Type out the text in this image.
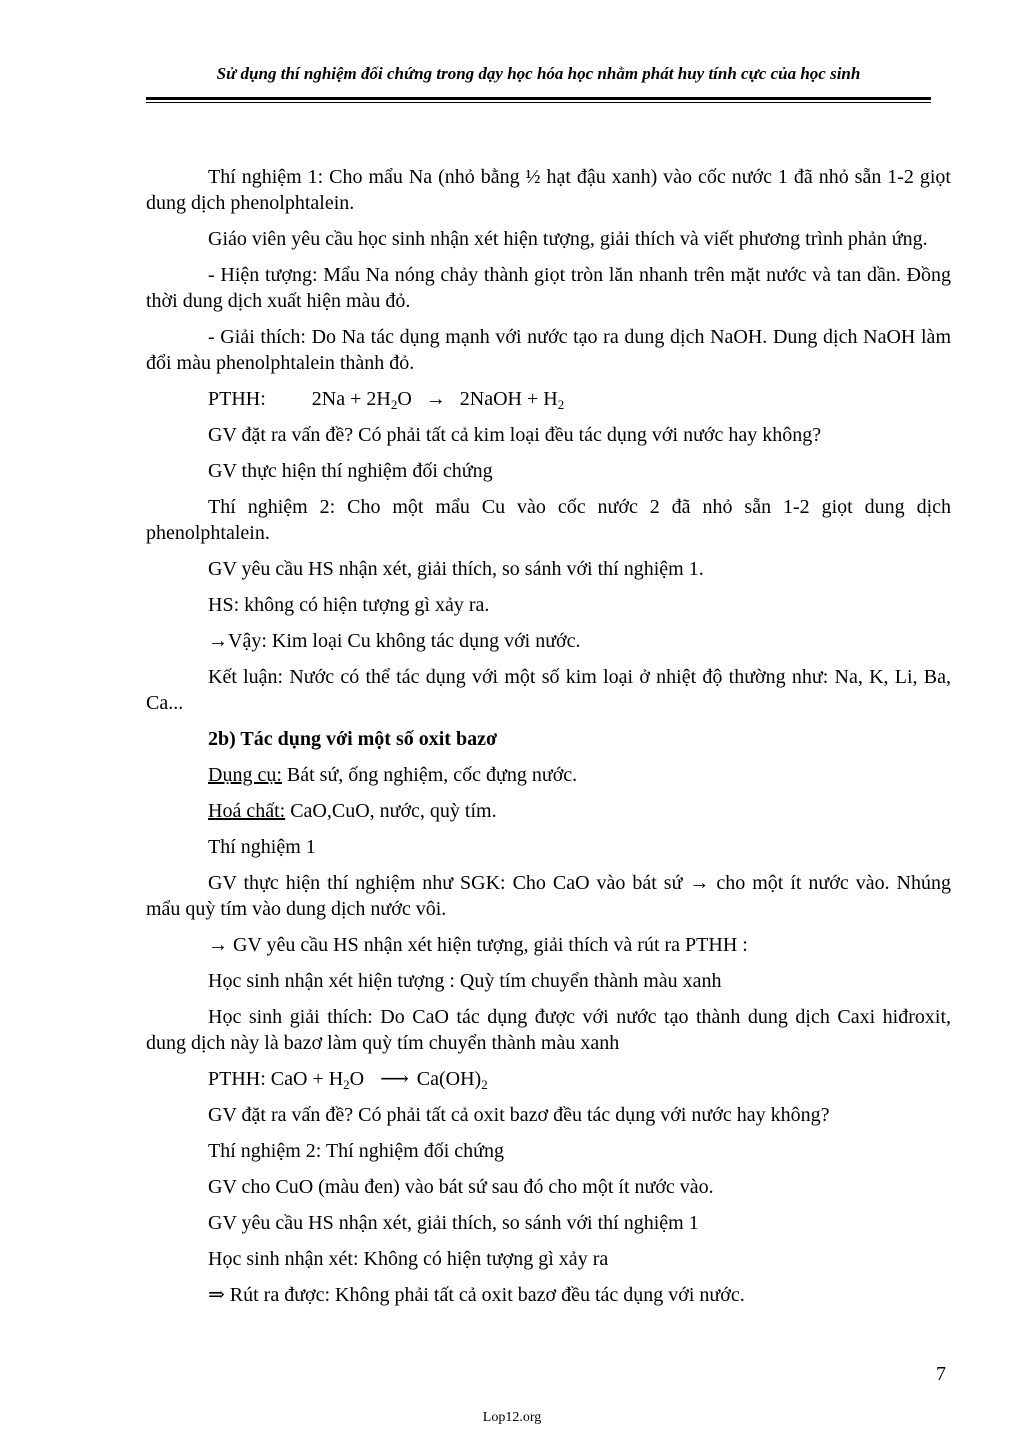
Sử dụng thí nghiệm đối chứng trong dạy học hóa học nhằm phát huy tính cực của học sinh

Thí nghiệm 1: Cho mẩu Na (nhỏ bằng ½ hạt đậu xanh) vào cốc nước 1 đã nhỏ sẵn 1-2 giọt dung dịch phenolphtalein.

Giáo viên yêu cầu học sinh nhận xét hiện tượng, giải thích và viết phương trình phản ứng.

- Hiện tượng: Mẩu Na nóng chảy thành giọt tròn lăn nhanh trên mặt nước và tan dần. Đồng thời dung dịch xuất hiện màu đỏ.

- Giải thích: Do Na tác dụng mạnh với nước tạo ra dung dịch NaOH. Dung dịch NaOH làm đổi màu phenolphtalein thành đỏ.

PTHH: $2Na + 2H_2O$ → 2NaOH + $H_2$

GV đặt ra vấn đề? Có phải tất cả kim loại đều tác dụng với nước hay không?

GV thực hiện thí nghiệm đối chứng

Thí nghiệm 2: Cho một mẩu Cu vào cốc nước 2 đã nhỏ sẵn 1-2 giọt dung dịch phenolphtalein.

GV yêu cầu HS nhận xét, giải thích, so sánh với thí nghiệm 1.

HS: không có hiện tượng gì xảy ra.

→Vậy: Kim loại Cu không tác dụng với nước.

Kết luận: Nước có thể tác dụng với một số kim loại ở nhiệt độ thường như: Na, K, Li, Ba, Ca...

2b) Tác dụng với một số oxit bazơ

Dụng cụ: Bát sứ, ống nghiệm, cốc đựng nước.

Hoá chất: CaO,CuO, nước, quỳ tím.

Thí nghiệm 1

GV thực hiện thí nghiệm như SGK: Cho CaO vào bát sứ → cho một ít nước vào. Nhúng mẩu quỳ tím vào dung dịch nước vôi.

→ GV yêu cầu HS nhận xét hiện tượng, giải thích và rút ra PTHH :

Học sinh nhận xét hiện tượng : Quỳ tím chuyển thành màu xanh

Học sinh giải thích: Do CaO tác dụng được với nước tạo thành dung dịch Caxi hiđroxit, dung dịch này là bazơ làm quỳ tím chuyển thành màu xanh

PTHH: CaO + $H_2O$ ⟶ $Ca(OH)_2$

GV đặt ra vấn đề? Có phải tất cả oxit bazơ đều tác dụng với nước hay không?

Thí nghiệm 2: Thí nghiệm đối chứng

GV cho CuO (màu đen) vào bát sứ sau đó cho một ít nước vào.

GV yêu cầu HS nhận xét, giải thích, so sánh với thí nghiệm 1

Học sinh nhận xét: Không có hiện tượng gì xảy ra

⇒ Rút ra được: Không phải tất cả oxit bazơ đều tác dụng với nước.

7
Lop12.org
